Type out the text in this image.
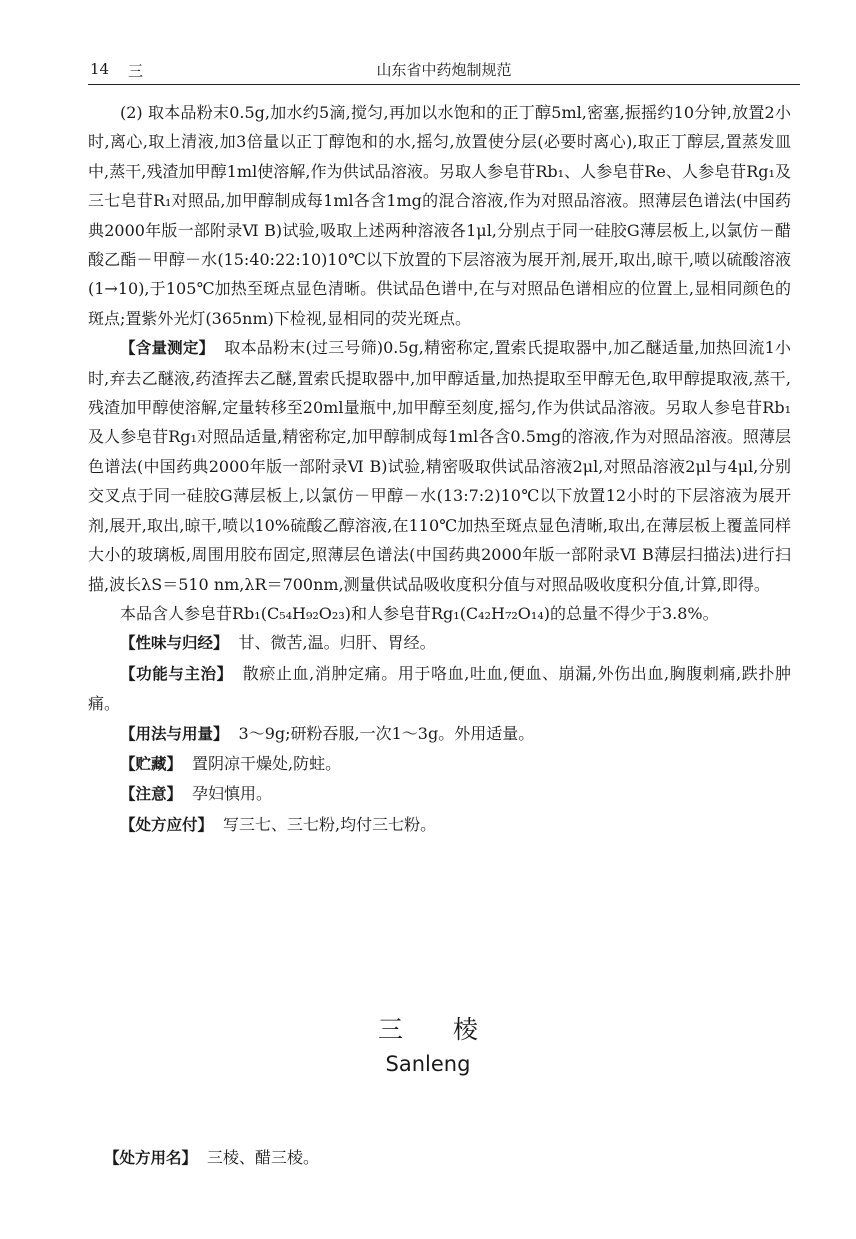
14 三	山东省中药炮制规范

(2) 取本品粉末0.5g,加水约5滴,搅匀,再加以水饱和的正丁醇5ml,密塞,振摇约10分钟,放置2小时,离心,取上清液,加3倍量以正丁醇饱和的水,摇匀,放置使分层(必要时离心),取正丁醇层,置蒸发皿中,蒸干,残渣加甲醇1ml使溶解,作为供试品溶液。另取人参皂苷Rb₁、人参皂苷Re、人参皂苷Rg₁及三七皂苷R₁对照品,加甲醇制成每1ml各含1mg的混合溶液,作为对照品溶液。照薄层色谱法(中国药典2000年版一部附录Ⅵ B)试验,吸取上述两种溶液各1μl,分别点于同一硅胶G薄层板上,以氯仿－醋酸乙酯－甲醇－水(15:40:22:10)10℃以下放置的下层溶液为展开剂,展开,取出,晾干,喷以硫酸溶液(1→10),于105℃加热至斑点显色清晰。供试品色谱中,在与对照品色谱相应的位置上,显相同颜色的斑点;置紫外光灯(365nm)下检视,显相同的荧光斑点。

【含量测定】 取本品粉末(过三号筛)0.5g,精密称定,置索氏提取器中,加乙醚适量,加热回流1小时,弃去乙醚液,药渣挥去乙醚,置索氏提取器中,加甲醇适量,加热提取至甲醇无色,取甲醇提取液,蒸干,残渣加甲醇使溶解,定量转移至20ml量瓶中,加甲醇至刻度,摇匀,作为供试品溶液。另取人参皂苷Rb₁及人参皂苷Rg₁对照品适量,精密称定,加甲醇制成每1ml各含0.5mg的溶液,作为对照品溶液。照薄层色谱法(中国药典2000年版一部附录Ⅵ B)试验,精密吸取供试品溶液2μl,对照品溶液2μl与4μl,分别交叉点于同一硅胶G薄层板上,以氯仿－甲醇－水(13:7:2)10℃以下放置12小时的下层溶液为展开剂,展开,取出,晾干,喷以10%硫酸乙醇溶液,在110℃加热至斑点显色清晰,取出,在薄层板上覆盖同样大小的玻璃板,周围用胶布固定,照薄层色谱法(中国药典2000年版一部附录Ⅵ B薄层扫描法)进行扫描,波长λS＝510 nm,λR＝700nm,测量供试品吸收度积分值与对照品吸收度积分值,计算,即得。

本品含人参皂苷Rb₁(C₅₄H₉₂O₂₃)和人参皂苷Rg₁(C₄₂H₇₂O₁₄)的总量不得少于3.8%。

【性味与归经】 甘、微苦,温。归肝、胃经。

【功能与主治】 散瘀止血,消肿定痛。用于咯血,吐血,便血、崩漏,外伤出血,胸腹刺痛,跌扑肿痛。

【用法与用量】 3～9g;研粉吞服,一次1～3g。外用适量。

【贮藏】 置阴凉干燥处,防蛀。

【注意】 孕妇慎用。

【处方应付】 写三七、三七粉,均付三七粉。

三棱
Sanleng
【处方用名】 三棱、醋三棱。
